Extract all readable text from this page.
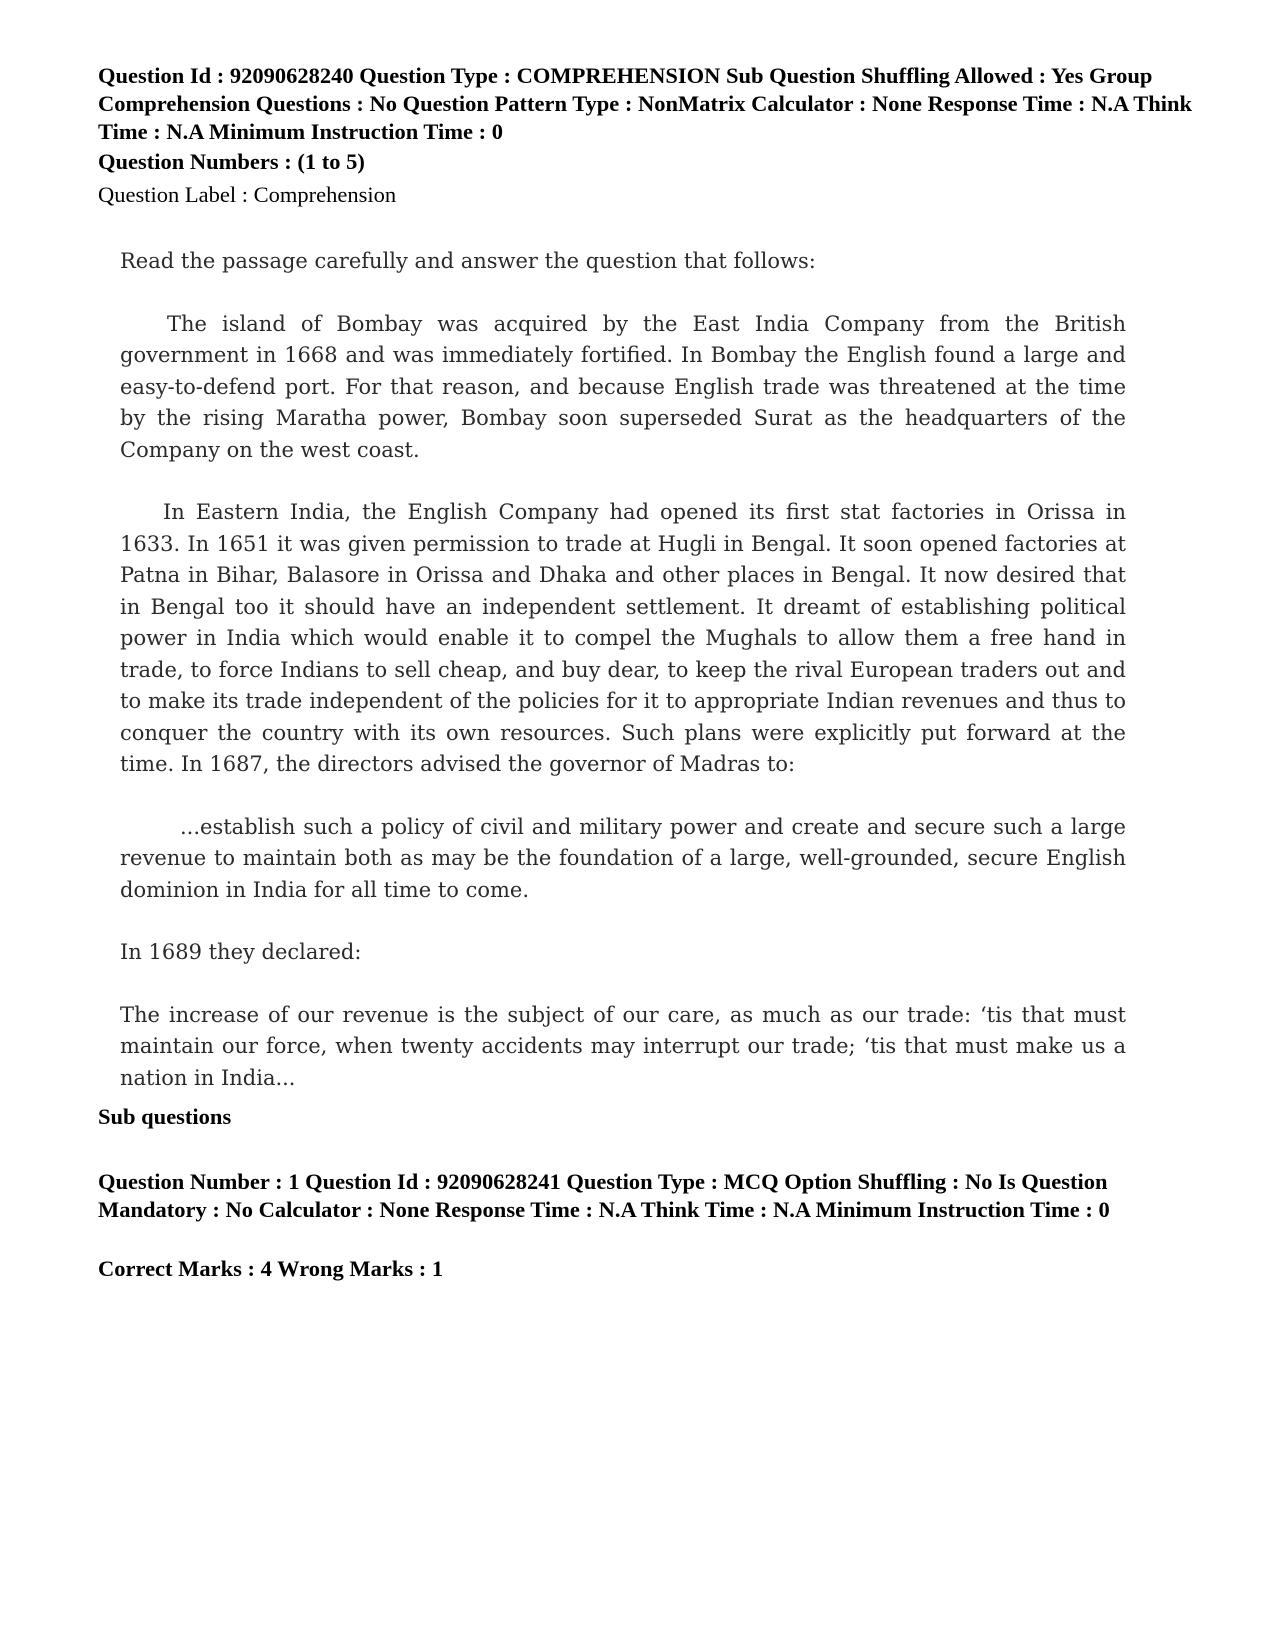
Question Id : 92090628240 Question Type : COMPREHENSION Sub Question Shuffling Allowed : Yes Group Comprehension Questions : No Question Pattern Type : NonMatrix Calculator : None Response Time : N.A Think Time : N.A Minimum Instruction Time : 0

Question Numbers : (1 to 5)

Question Label : Comprehension

Read the passage carefully and answer the question that follows:

The island of Bombay was acquired by the East India Company from the British government in 1668 and was immediately fortified. In Bombay the English found a large and easy-to-defend port. For that reason, and because English trade was threatened at the time by the rising Maratha power, Bombay soon superseded Surat as the headquarters of the Company on the west coast.

In Eastern India, the English Company had opened its first stat factories in Orissa in 1633. In 1651 it was given permission to trade at Hugli in Bengal. It soon opened factories at Patna in Bihar, Balasore in Orissa and Dhaka and other places in Bengal. It now desired that in Bengal too it should have an independent settlement. It dreamt of establishing political power in India which would enable it to compel the Mughals to allow them a free hand in trade, to force Indians to sell cheap, and buy dear, to keep the rival European traders out and to make its trade independent of the policies for it to appropriate Indian revenues and thus to conquer the country with its own resources. Such plans were explicitly put forward at the time. In 1687, the directors advised the governor of Madras to:

...establish such a policy of civil and military power and create and secure such a large revenue to maintain both as may be the foundation of a large, well-grounded, secure English dominion in India for all time to come.

In 1689 they declared:

The increase of our revenue is the subject of our care, as much as our trade: ‘tis that must maintain our force, when twenty accidents may interrupt our trade; ‘tis that must make us a nation in India...

Sub questions

Question Number : 1 Question Id : 92090628241 Question Type : MCQ Option Shuffling : No Is Question Mandatory : No Calculator : None Response Time : N.A Think Time : N.A Minimum Instruction Time : 0

Correct Marks : 4 Wrong Marks : 1
